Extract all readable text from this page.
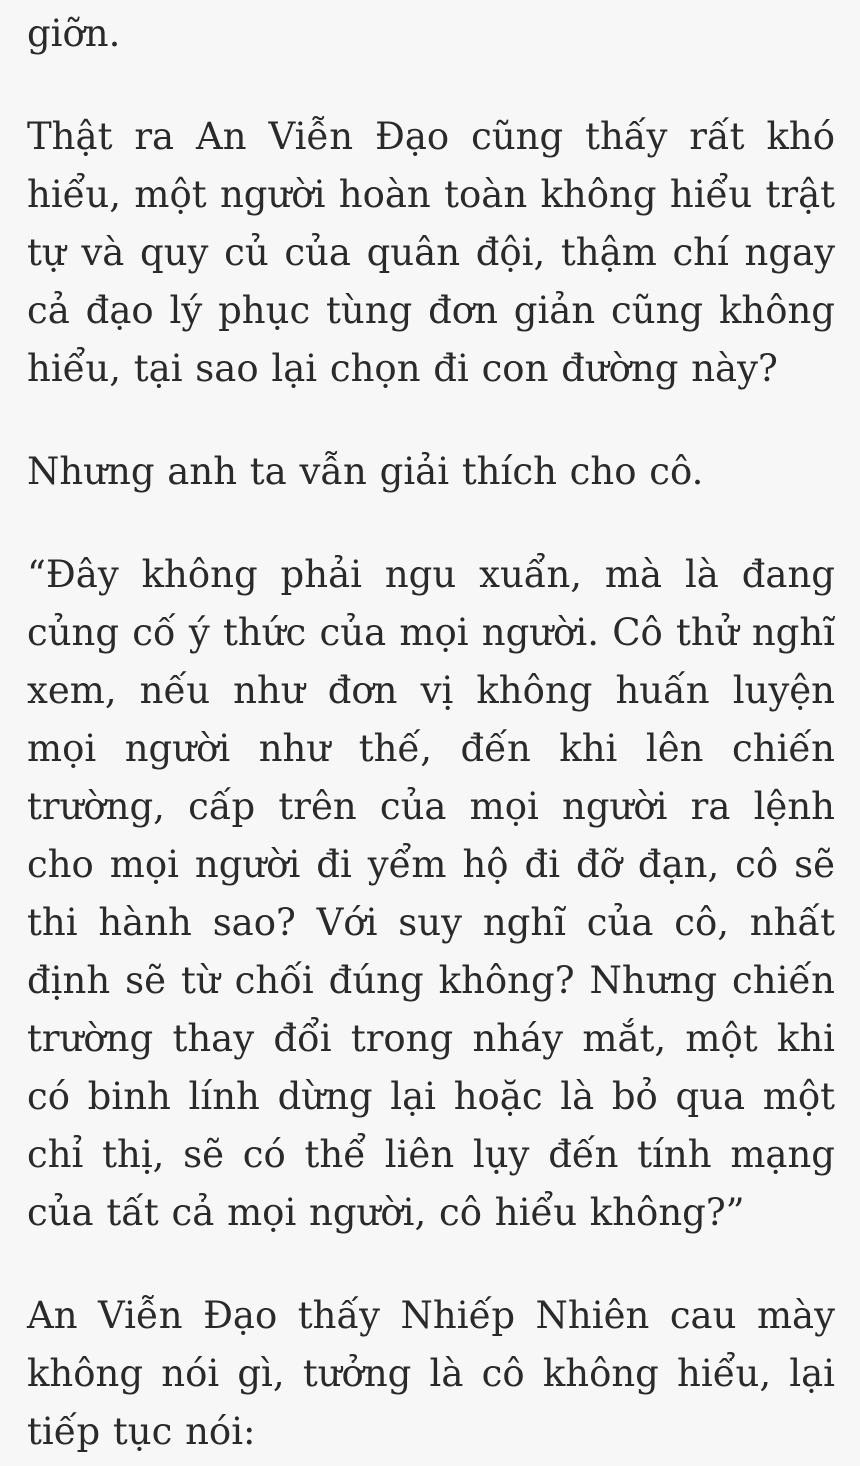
giỡn.

Thật ra An Viễn Đạo cũng thấy rất khó hiểu, một người hoàn toàn không hiểu trật tự và quy củ của quân đội, thậm chí ngay cả đạo lý phục tùng đơn giản cũng không hiểu, tại sao lại chọn đi con đường này?

Nhưng anh ta vẫn giải thích cho cô.

“Đây không phải ngu xuẩn, mà là đang củng cố ý thức của mọi người. Cô thử nghĩ xem, nếu như đơn vị không huấn luyện mọi người như thế, đến khi lên chiến trường, cấp trên của mọi người ra lệnh cho mọi người đi yểm hộ đi đỡ đạn, cô sẽ thi hành sao? Với suy nghĩ của cô, nhất định sẽ từ chối đúng không? Nhưng chiến trường thay đổi trong nháy mắt, một khi có binh lính dừng lại hoặc là bỏ qua một chỉ thị, sẽ có thể liên lụy đến tính mạng của tất cả mọi người, cô hiểu không?”

An Viễn Đạo thấy Nhiếp Nhiên cau mày không nói gì, tưởng là cô không hiểu, lại tiếp tục nói:
